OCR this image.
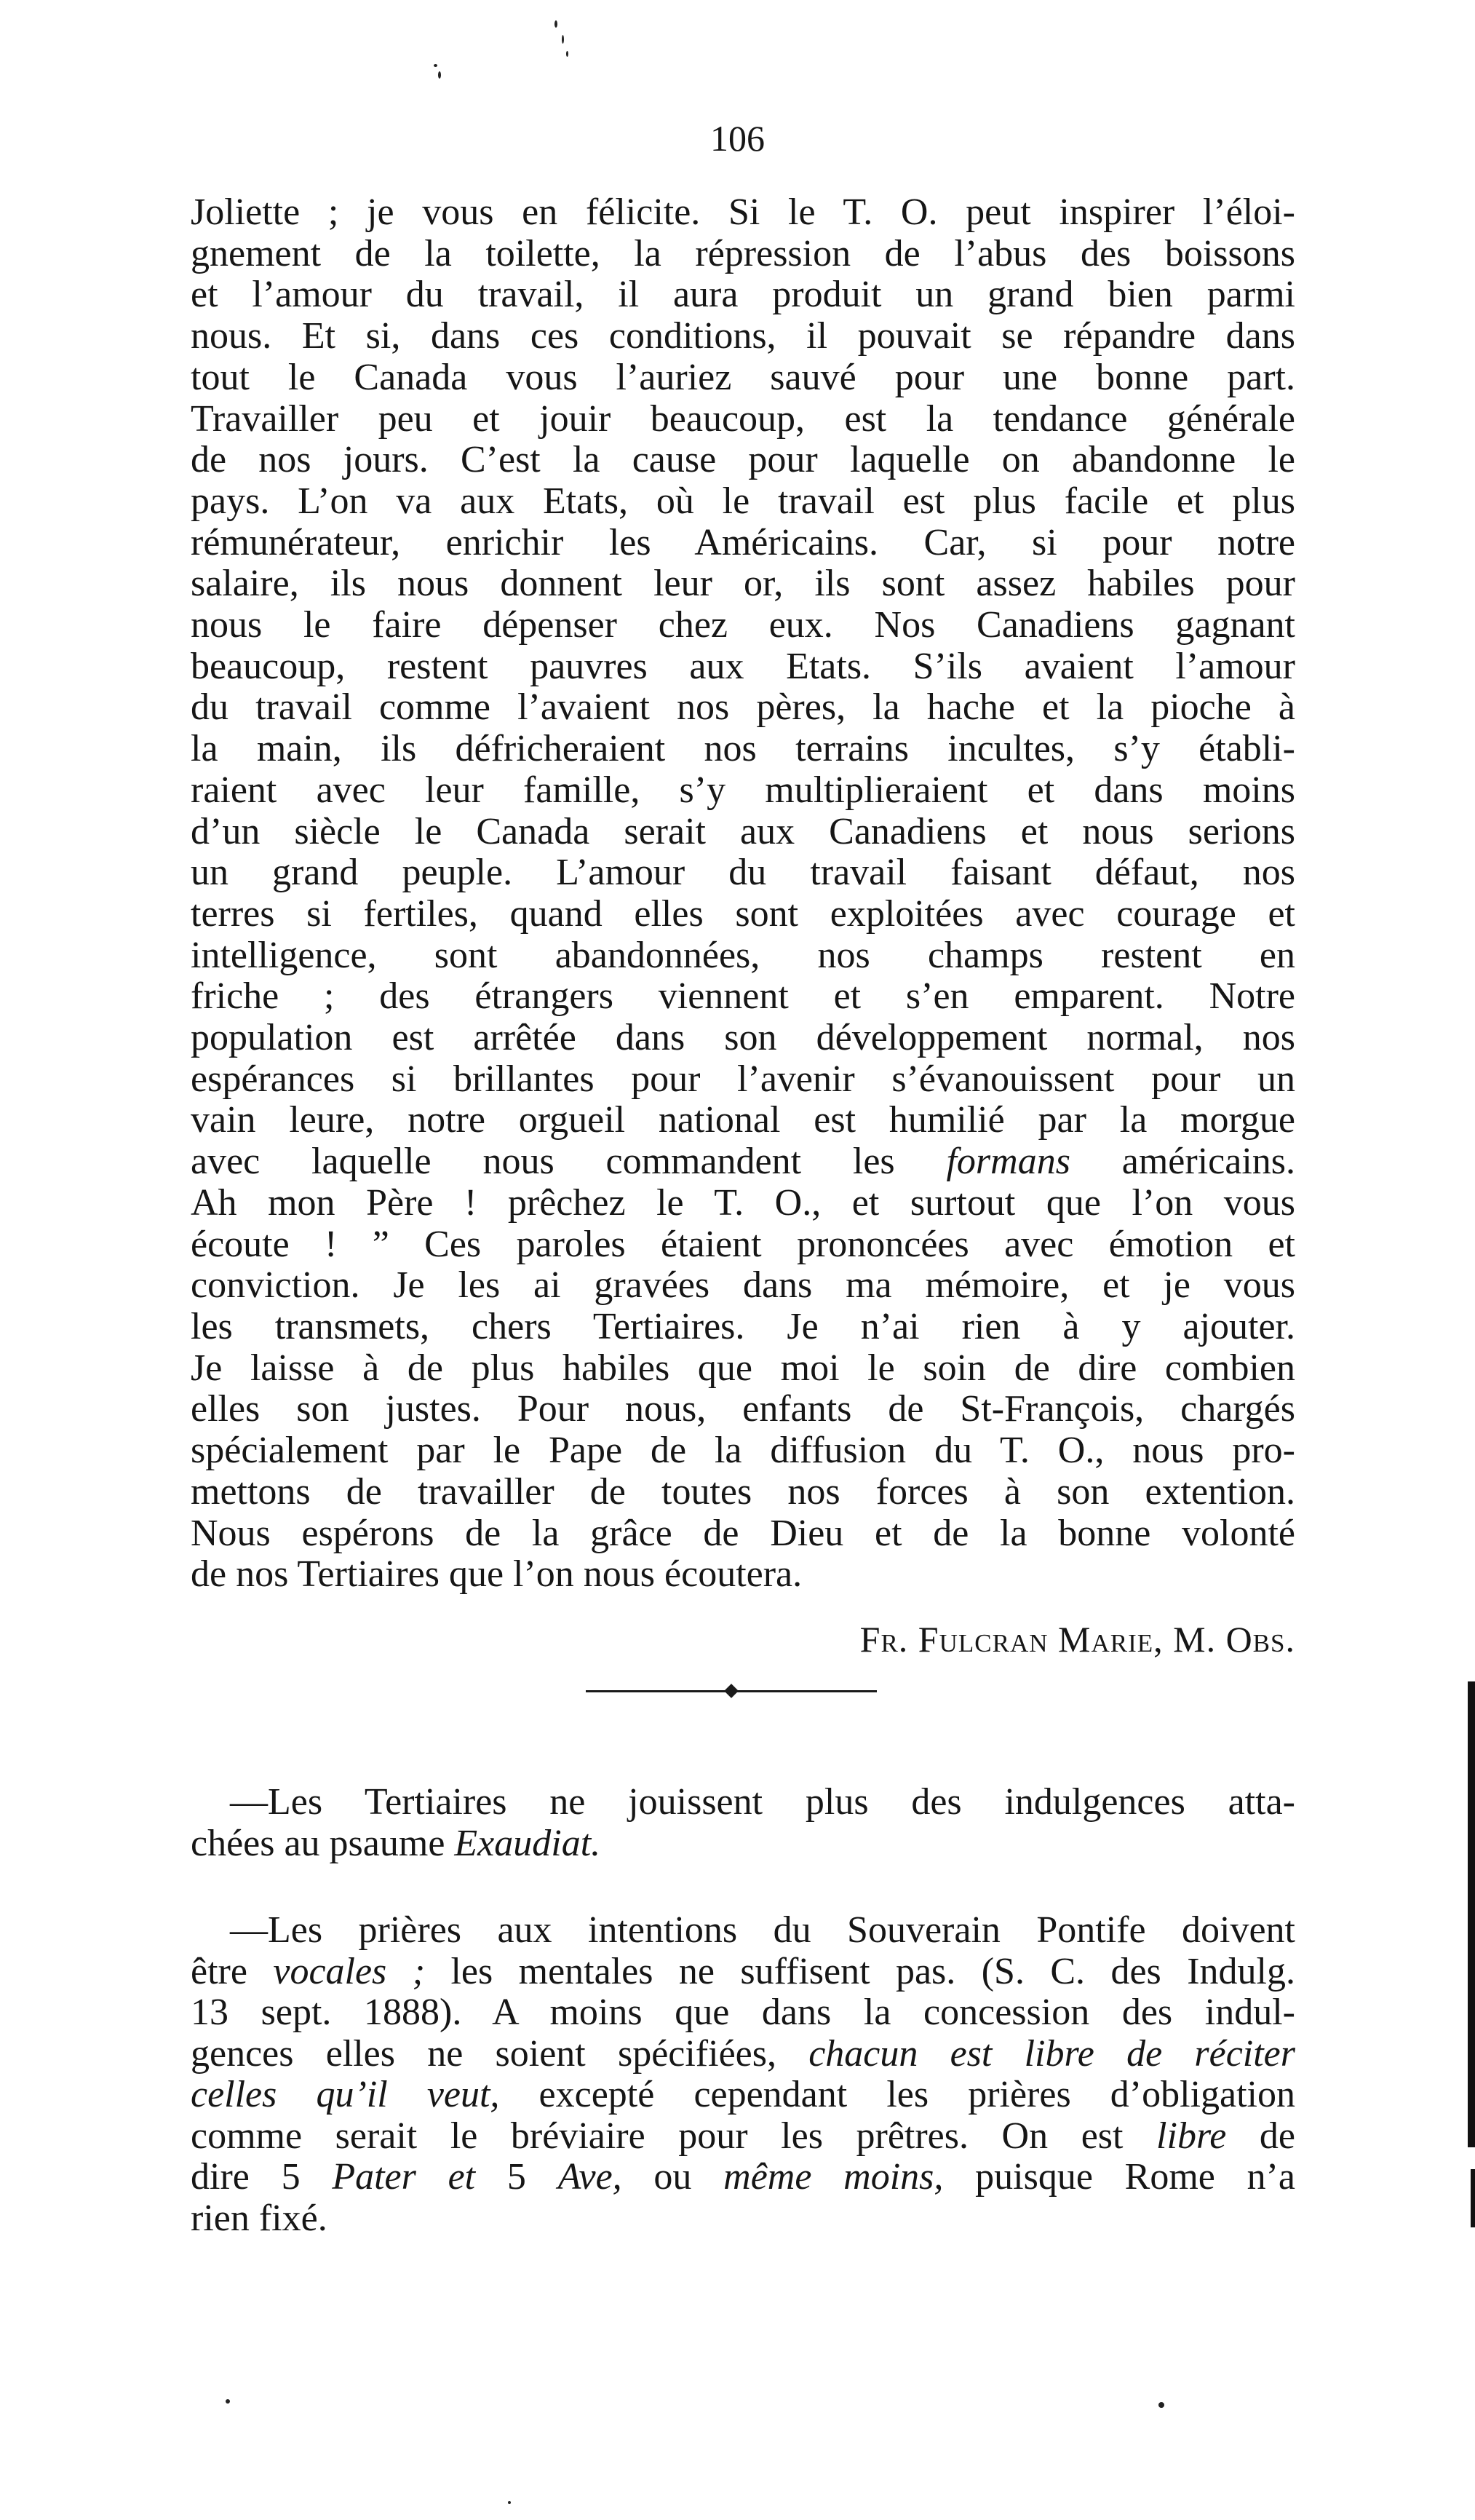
106
Joliette ; je vous en félicite. Si le T. O. peut inspirer l’éloi-
gnement de la toilette, la répression de l’abus des boissons
et l’amour du travail, il aura produit un grand bien parmi
nous. Et si, dans ces conditions, il pouvait se répandre dans
tout le Canada vous l’auriez sauvé pour une bonne part.
Travailler peu et jouir beaucoup, est la tendance générale
de nos jours. C’est la cause pour laquelle on abandonne le
pays. L’on va aux Etats, où le travail est plus facile et plus
rémunérateur, enrichir les Américains. Car, si pour notre
salaire, ils nous donnent leur or, ils sont assez habiles pour
nous le faire dépenser chez eux. Nos Canadiens gagnant
beaucoup, restent pauvres aux Etats. S’ils avaient l’amour
du travail comme l’avaient nos pères, la hache et la pioche à
la main, ils défricheraient nos terrains incultes, s’y établi-
raient avec leur famille, s’y multiplieraient et dans moins
d’un siècle le Canada serait aux Canadiens et nous serions
un grand peuple. L’amour du travail faisant défaut, nos
terres si fertiles, quand elles sont exploitées avec courage et
intelligence, sont abandonnées, nos champs restent en
friche ; des étrangers viennent et s’en emparent. Notre
population est arrêtée dans son développement normal, nos
espérances si brillantes pour l’avenir s’évanouissent pour un
vain leure, notre orgueil national est humilié par la morgue
avec laquelle nous commandent les formans américains.
Ah mon Père ! prêchez le T. O., et surtout que l’on vous
écoute ! ” Ces paroles étaient prononcées avec émotion et
conviction. Je les ai gravées dans ma mémoire, et je vous
les transmets, chers Tertiaires. Je n’ai rien à y ajouter.
Je laisse à de plus habiles que moi le soin de dire combien
elles son justes. Pour nous, enfants de St-François, chargés
spécialement par le Pape de la diffusion du T. O., nous pro-
mettons de travailler de toutes nos forces à son extention.
Nous espérons de la grâce de Dieu et de la bonne volonté
de nos Tertiaires que l’on nous écoutera.
Fr. Fulcran Marie, M. Obs.
—Les Tertiaires ne jouissent plus des indulgences atta-
chées au psaume Exaudiat.
—Les prières aux intentions du Souverain Pontife doivent
être vocales ; les mentales ne suffisent pas. (S. C. des Indulg.
13 sept. 1888). A moins que dans la concession des indul-
gences elles ne soient spécifiées, chacun est libre de réciter
celles qu’il veut, excepté cependant les prières d’obligation
comme serait le bréviaire pour les prêtres. On est libre de
dire 5 Pater et 5 Ave, ou même moins, puisque Rome n’a
rien fixé.
